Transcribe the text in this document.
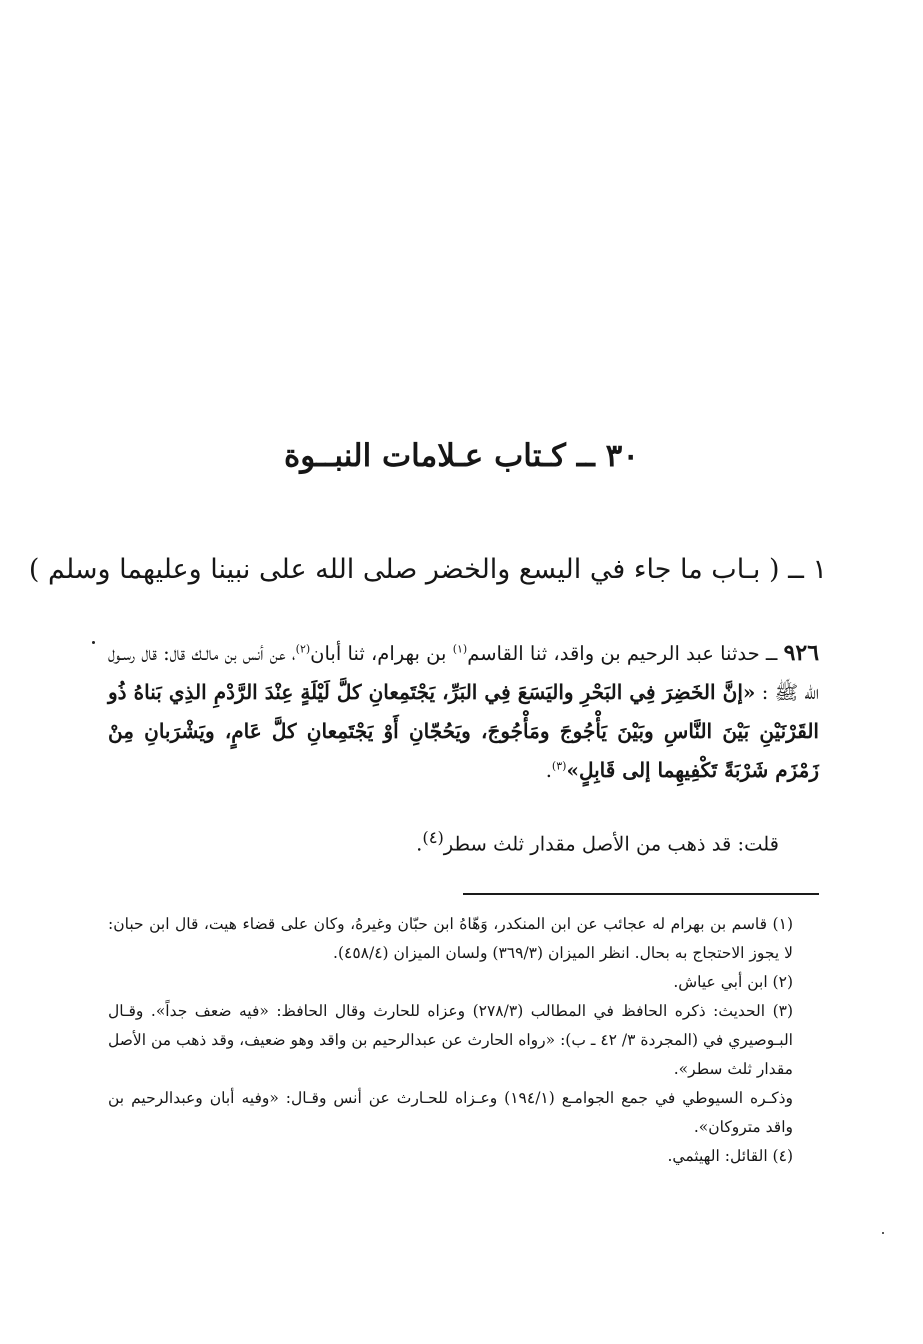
٣٠ ــ كـتاب عـلامات النبــوة
١ ــ ( بـاب ما جاء في اليسع والخضر صلى الله على نبينا وعليهما وسلم )
٩٢٦ ــ حدثنا عبد الرحيم بن واقد، ثنا القاسم$^{(١)}$ بن بهرام، ثنا أبان$^{(٢)}$، عن أنس بن مالـك قال: قال رسـول الله ﷺ : «إنَّ الخَضِرَ فِي البَحْرِ واليَسَعَ فِي البَرِّ، يَجْتَمِعانِ كلَّ لَيْلَةٍ عِنْدَ الرَّدْمِ الذِي بَناهُ ذُو القَرْنَيْنِ بَيْنَ النَّاسِ وبَيْنَ يَأْجُوجَ ومَأْجُوجَ، ويَحُجّانِ أَوْ يَجْتَمِعانِ كلَّ عَامٍ، ويَشْرَبانِ مِنْ زَمْزَم شَرْبَةً تَكْفِيهِما إلى قَابِلٍ»$^{(٣)}$.
قلت: قد ذهب من الأصل مقدار ثلث سطر$^{(٤)}$.

(١) قاسم بن بهرام له عجائب عن ابن المنكدر، وَهّاهُ ابن حبّان وغيرهُ، وكان على قضاء هيت، قال ابن حبان: لا يجوز الاحتجاج به بحال. انظر الميزان (٣٦٩/٣) ولسان الميزان (٤٥٨/٤).

(٢) ابن أبي عياش.

(٣) الحديث: ذكره الحافظ في المطالب (٢٧٨/٣) وعزاه للحارث وقال الحافظ: «فيه ضعف جداً». وقـال البـوصيري في (المجردة ٣/ ٤٢ ـ ب): «رواه الحارث عن عبدالرحيم بن واقد وهو ضعيف، وقد ذهب من الأصل مقدار ثلث سطر».

وذكـره السيوطي في جمع الجوامـع (١٩٤/١) وعـزاه للحـارث عن أنس وقـال: «وفيه أبان وعبدالرحيم بن واقد متروكان».

(٤) القائل: الهيثمي.
